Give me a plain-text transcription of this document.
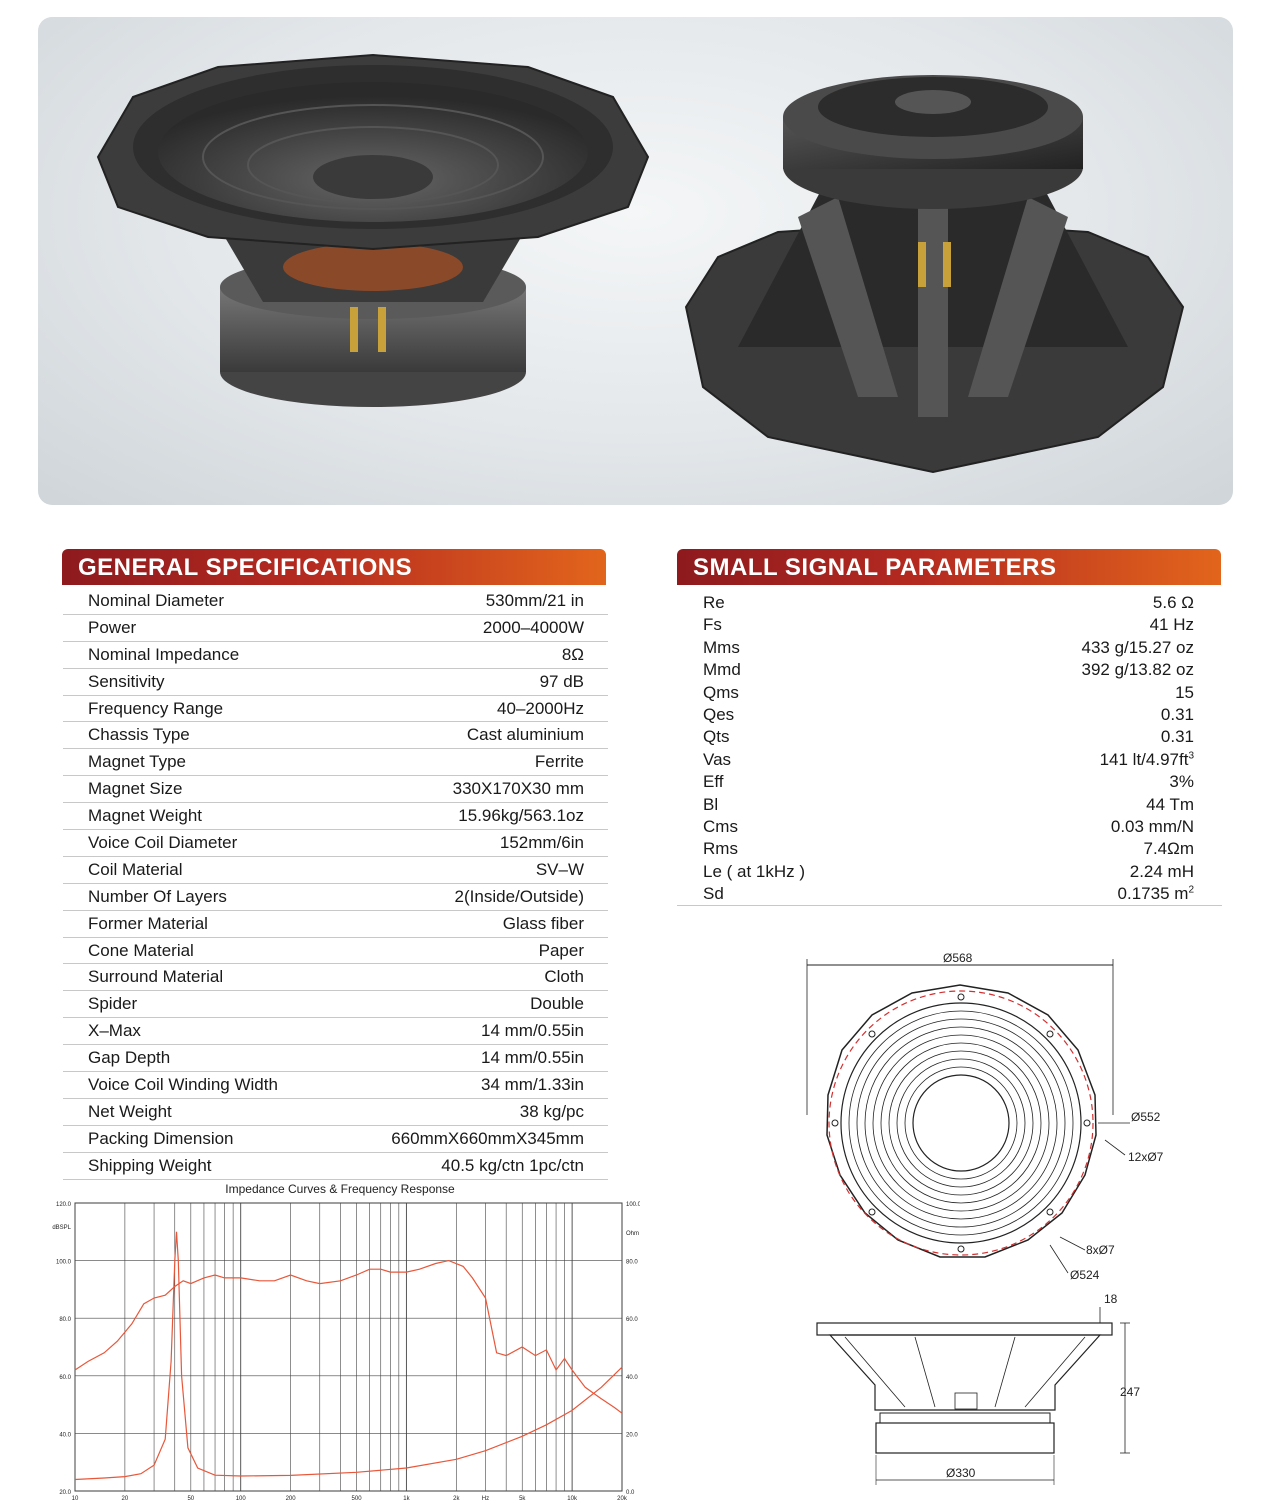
GENERAL SPECIFICATIONS
Nominal Diameter	530mm/21 in
Power	2000–4000W
Nominal Impedance	8Ω
Sensitivity	97 dB
Frequency Range	40–2000Hz
Chassis Type	Cast aluminium
Magnet Type	Ferrite
Magnet Size	330X170X30 mm
Magnet Weight	15.96kg/563.1oz
Voice Coil Diameter	152mm/6in
Coil Material	SV–W
Number Of Layers	2(Inside/Outside)
Former Material	Glass fiber
Cone Material	Paper
Surround Material	Cloth
Spider	Double
X–Max	14 mm/0.55in
Gap Depth	14 mm/0.55in
Voice Coil Winding Width	34 mm/1.33in
Net Weight	38 kg/pc
Packing Dimension	660mmX660mmX345mm
Shipping Weight	40.5 kg/ctn 1pc/ctn
SMALL SIGNAL PARAMETERS
Re	5.6 Ω
Fs	41 Hz
Mms	433 g/15.27 oz
Mmd	392 g/13.82 oz
Qms	15
Qes	0.31
Qts	0.31
Vas	141 $lt/4.97ft^3$
Eff	3%
Bl	44 Tm
Cms	0.03 mm/N
Rms	7.4Ωm
Le ( at 1kHz )	2.24 mH
Sd	0.1735 $m^2$
Impedance Curves & Frequency Response
120.0
100.0
80.0
60.0
40.0
20.0
100.0
80.0
60.0
40.0
20.0
0.0
dBSPL
Ohm
10	20	50	100	200	500	1k	2k	Hz	5k	10k	20k
Ø568
Ø552
12xØ7
8xØ7
Ø524
18
247
Ø330
